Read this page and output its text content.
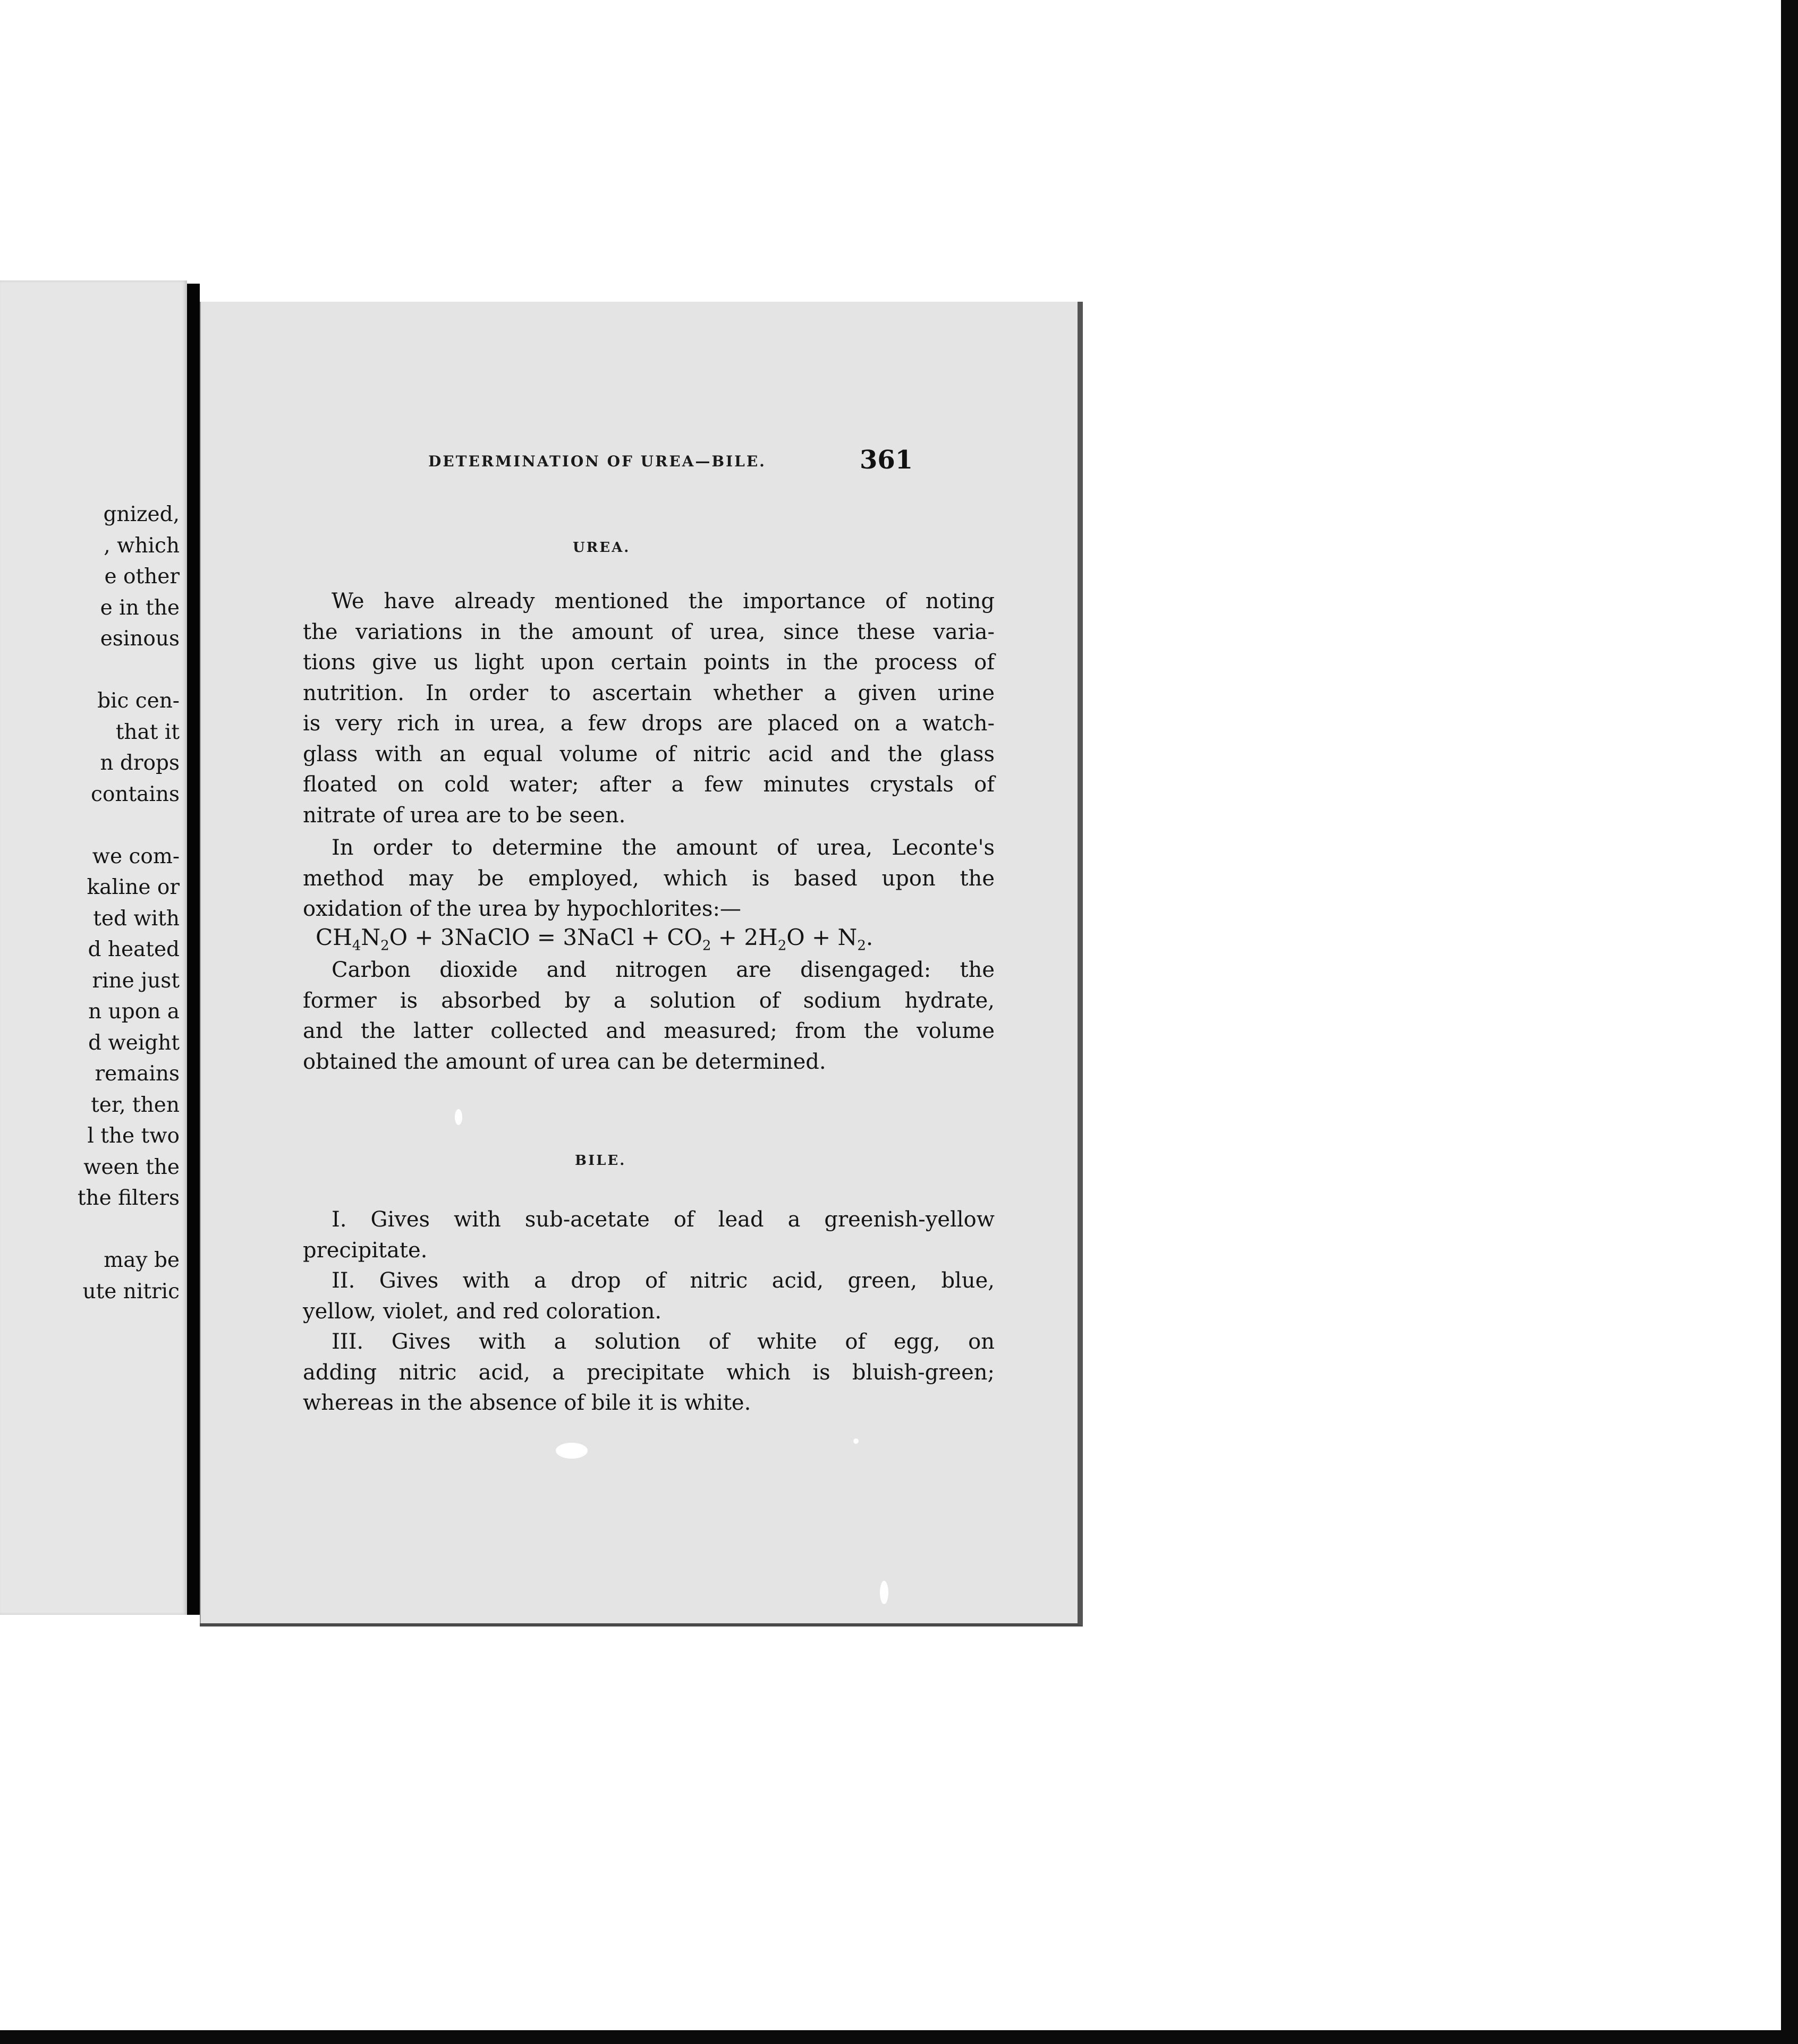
gnized,
, which
e other
e in the
esinous
bic cen-
that it
n drops
contains
we com-
kaline or
ted with
d heated
rine just
n upon a
d weight
remains
ter, then
l the two
ween the
the filters
may be
ute nitric
DETERMINATION OF UREA—BILE.	361
UREA.
We have already mentioned the importance of noting
the variations in the amount of urea, since these varia-
tions give us light upon certain points in the process of
nutrition. In order to ascertain whether a given urine
is very rich in urea, a few drops are placed on a watch-
glass with an equal volume of nitric acid and the glass
floated on cold water; after a few minutes crystals of
nitrate of urea are to be seen.
In order to determine the amount of urea, Leconte's
method may be employed, which is based upon the
oxidation of the urea by hypochlorites:—
$CH_4N_2O$ + 3NaClO = 3NaCl + $CO_2 + 2H_2O + N_2$.
Carbon dioxide and nitrogen are disengaged: the
former is absorbed by a solution of sodium hydrate,
and the latter collected and measured; from the volume
obtained the amount of urea can be determined.
BILE.
I. Gives with sub-acetate of lead a greenish-yellow
precipitate.
II. Gives with a drop of nitric acid, green, blue,
yellow, violet, and red coloration.
III. Gives with a solution of white of egg, on
adding nitric acid, a precipitate which is bluish-green;
whereas in the absence of bile it is white.
